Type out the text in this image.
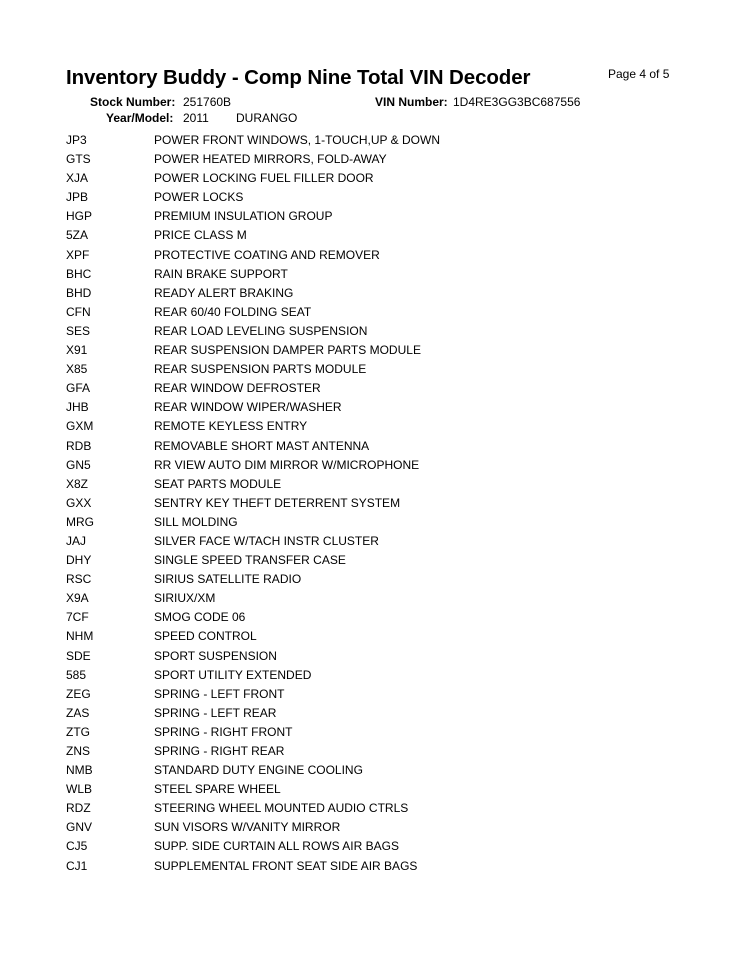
Inventory Buddy - Comp Nine Total VIN Decoder	Page 4 of 5
Stock Number: 251760B	VIN Number: 1D4RE3GG3BC687556
Year/Model: 2011 DURANGO
JP3	POWER FRONT WINDOWS, 1-TOUCH,UP & DOWN
GTS	POWER HEATED MIRRORS, FOLD-AWAY
XJA	POWER LOCKING FUEL FILLER DOOR
JPB	POWER LOCKS
HGP	PREMIUM INSULATION GROUP
5ZA	PRICE CLASS M
XPF	PROTECTIVE COATING AND REMOVER
BHC	RAIN BRAKE SUPPORT
BHD	READY ALERT BRAKING
CFN	REAR 60/40 FOLDING SEAT
SES	REAR LOAD LEVELING SUSPENSION
X91	REAR SUSPENSION DAMPER PARTS MODULE
X85	REAR SUSPENSION PARTS MODULE
GFA	REAR WINDOW DEFROSTER
JHB	REAR WINDOW WIPER/WASHER
GXM	REMOTE KEYLESS ENTRY
RDB	REMOVABLE SHORT MAST ANTENNA
GN5	RR VIEW AUTO DIM MIRROR W/MICROPHONE
X8Z	SEAT PARTS MODULE
GXX	SENTRY KEY THEFT DETERRENT SYSTEM
MRG	SILL MOLDING
JAJ	SILVER FACE W/TACH INSTR CLUSTER
DHY	SINGLE SPEED TRANSFER CASE
RSC	SIRIUS SATELLITE RADIO
X9A	SIRIUX/XM
7CF	SMOG CODE 06
NHM	SPEED CONTROL
SDE	SPORT SUSPENSION
585	SPORT UTILITY EXTENDED
ZEG	SPRING - LEFT FRONT
ZAS	SPRING - LEFT REAR
ZTG	SPRING - RIGHT FRONT
ZNS	SPRING - RIGHT REAR
NMB	STANDARD DUTY ENGINE COOLING
WLB	STEEL SPARE WHEEL
RDZ	STEERING WHEEL MOUNTED AUDIO CTRLS
GNV	SUN VISORS W/VANITY MIRROR
CJ5	SUPP. SIDE CURTAIN ALL ROWS AIR BAGS
CJ1	SUPPLEMENTAL FRONT SEAT SIDE AIR BAGS
